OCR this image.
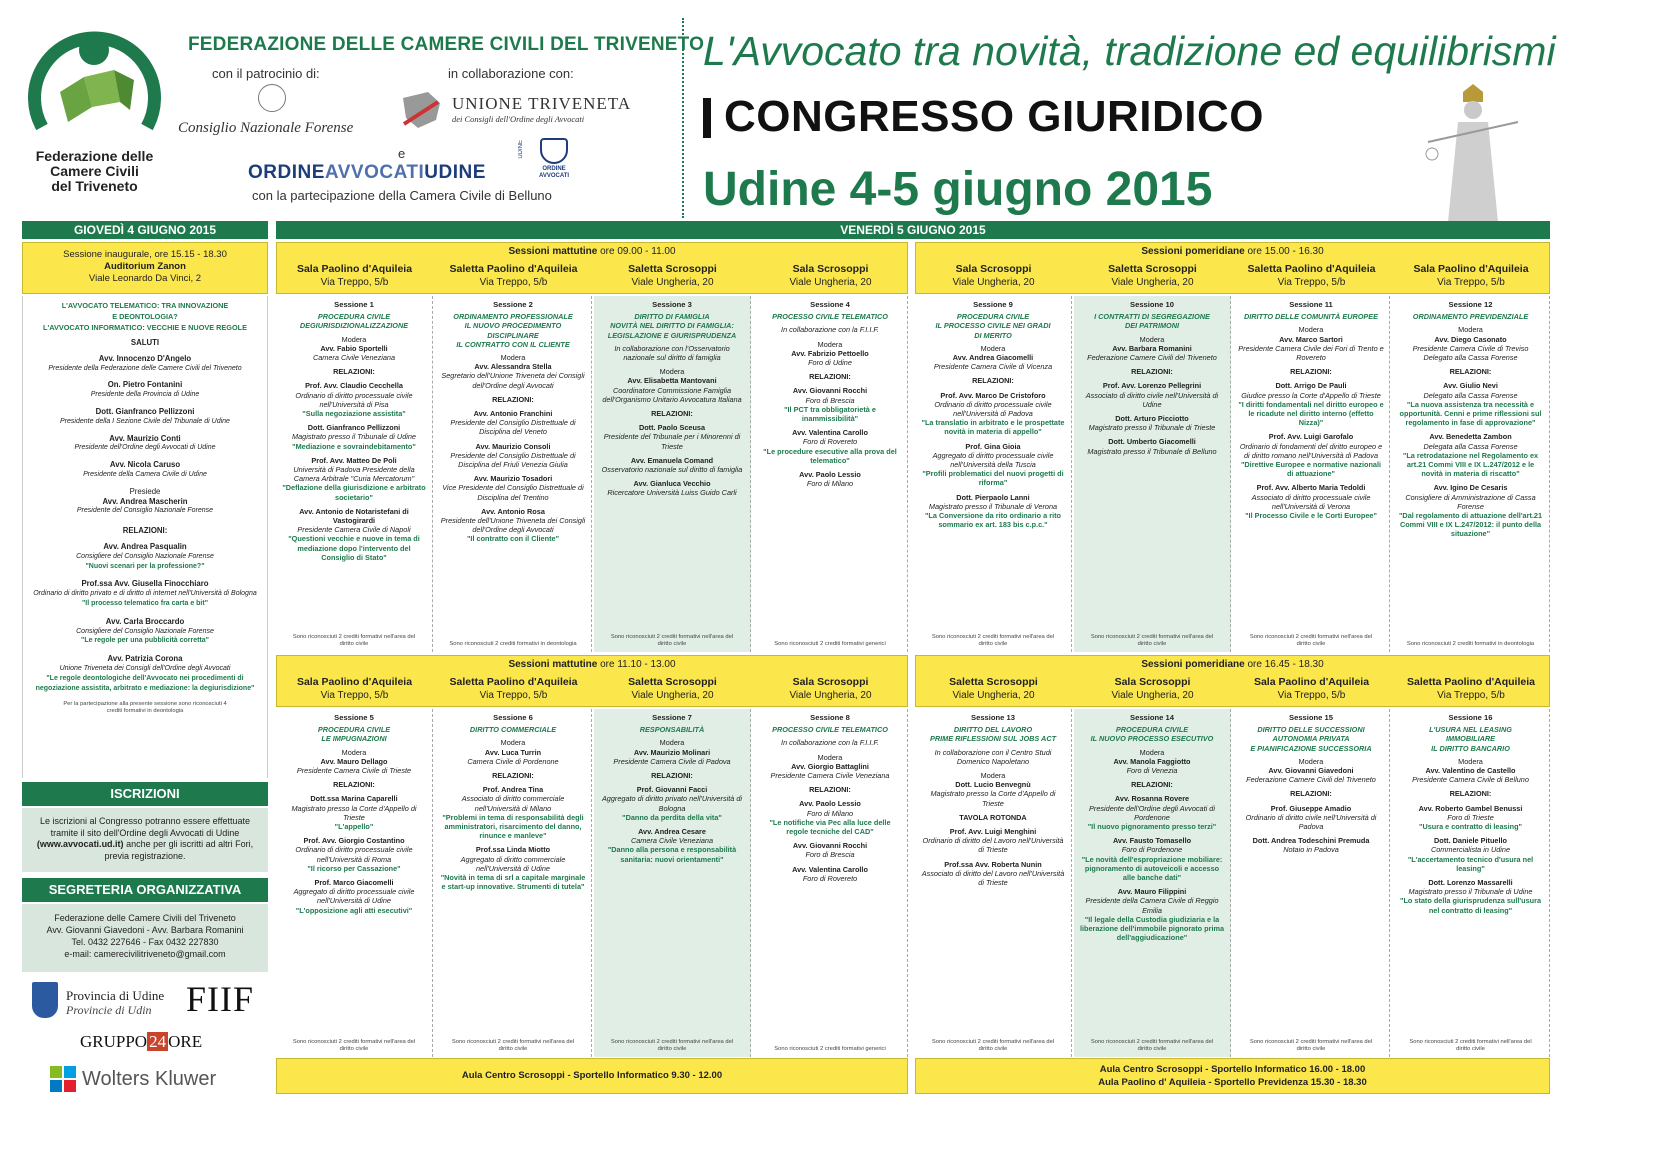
Federazione delle
Camere Civili
del Triveneto
FEDERAZIONE DELLE CAMERE CIVILI DEL TRIVENETO
con il patrocinio di:	in collaborazione con:
Consiglio Nazionale Forense
UNIONE TRIVENETA
dei Consigli dell'Ordine degli Avvocati
e
ORDINEAVVOCATIUDINE
UDINE
ORDINE AVVOCATI
con la partecipazione della Camera Civile di Belluno
L'Avvocato tra novità, tradizione ed equilibrismi
CONGRESSO GIURIDICO
Udine 4-5 giugno 2015
GIOVEDÌ 4 GIUGNO 2015
Sessione inaugurale, ore 15.15 - 18.30
Auditorium Zanon
Viale Leonardo Da Vinci, 2
L'AVVOCATO TELEMATICO: TRA INNOVAZIONE
E DEONTOLOGIA?
L'AVVOCATO INFORMATICO: VECCHIE E NUOVE REGOLE
SALUTI
Avv. Innocenzo D'Angelo
Presidente della Federazione delle Camere Civili del Triveneto
On. Pietro Fontanini
Presidente della Provincia di Udine
Dott. Gianfranco Pellizzoni
Presidente della I Sezione Civile del Tribunale di Udine
Avv. Maurizio Conti
Presidente dell'Ordine degli Avvocati di Udine
Avv. Nicola Caruso
Presidente della Camera Civile di Udine
Presiede
Avv. Andrea Mascherin
Presidente del Consiglio Nazionale Forense
RELAZIONI:
Avv. Andrea Pasqualin
Consigliere del Consiglio Nazionale Forense
"Nuovi scenari per la professione?"
Prof.ssa Avv. Giusella Finocchiaro
Ordinario di diritto privato e di diritto di internet nell'Università di Bologna
"Il processo telematico fra carta e bit"
Avv. Carla Broccardo
Consigliere del Consiglio Nazionale Forense
"Le regole per una pubblicità corretta"
Avv. Patrizia Corona
Unione Triveneta dei Consigli dell'Ordine degli Avvocati
"Le regole deontologiche dell'Avvocato nei procedimenti di negoziazione assistita, arbitrato e mediazione: la degiurisdizione"
Per la partecipazione alla presente sessione sono riconosciuti 4 crediti formativi in deontologia
ISCRIZIONI
Le iscrizioni al Congresso potranno essere effettuate tramite il sito dell'Ordine degli Avvocati di Udine (www.avvocati.ud.it) anche per gli iscritti ad altri Fori, previa registrazione.
SEGRETERIA ORGANIZZATIVA
Federazione delle Camere Civili del Triveneto
Avv. Giovanni Giavedoni - Avv. Barbara Romanini
Tel. 0432 227646 - Fax 0432 227830
e-mail: camerecivilitriveneto@gmail.com
Provincia di Udine
Provincie di Udin FIIF
GRUPPO 24 ORE
Wolters Kluwer
VENERDÌ 5 GIUGNO 2015
Sessioni mattutine ore 09.00 - 11.00	Sessioni pomeridiane ore 15.00 - 16.30
Sessioni mattutine ore 11.10 - 13.00	Sessioni pomeridiane ore 16.45 - 18.30
Sala Paolino d'Aquileia
Via Treppo, 5/b
Saletta Paolino d'Aquileia
Via Treppo, 5/b
Saletta Scrosoppi
Viale Ungheria, 20
Sala Scrosoppi
Viale Ungheria, 20
Sala Scrosoppi
Viale Ungheria, 20
Saletta Scrosoppi
Viale Ungheria, 20
Saletta Paolino d'Aquileia
Via Treppo, 5/b
Sala Paolino d'Aquileia
Via Treppo, 5/b
Sala Paolino d'Aquileia
Via Treppo, 5/b
Saletta Paolino d'Aquileia
Via Treppo, 5/b
Saletta Scrosoppi
Viale Ungheria, 20
Sala Scrosoppi
Viale Ungheria, 20
Saletta Scrosoppi
Viale Ungheria, 20
Sala Scrosoppi
Viale Ungheria, 20
Sala Paolino d'Aquileia
Via Treppo, 5/b
Saletta Paolino d'Aquileia
Via Treppo, 5/b
Sessione 1
PROCEDURA CIVILE
DEGIURISDIZIONALIZZAZIONE
Modera
Avv. Fabio Sportelli

Camera Civile Veneziana

RELAZIONI:

Prof. Avv. Claudio Cecchella
Ordinario di diritto processuale civile nell'Università di Pisa
"Sulla negoziazione assistita"

Dott. Gianfranco Pellizzoni
Magistrato presso il Tribunale di Udine
"Mediazione e sovraindebitamento"

Prof. Avv. Matteo De Poli
Università di Padova Presidente della Camera Arbitrale "Curia Mercatorum"
"Deflazione della giurisdizione e arbitrato societario"

Avv. Antonio de Notaristefani di Vastogirardi
Presidente Camera Civile di Napoli
"Questioni vecchie e nuove in tema di mediazione dopo l'intervento del Consiglio di Stato"

Sono riconosciuti 2 crediti formativi nell'area del diritto civile
Sessione 2
ORDINAMENTO PROFESSIONALE
IL NUOVO PROCEDIMENTO
DISCIPLINARE
IL CONTRATTO CON IL CLIENTE
Modera
Avv. Alessandra Stella

Segretario dell'Unione Triveneta dei Consigli dell'Ordine degli Avvocati

RELAZIONI:

Avv. Antonio Franchini
Presidente del Consiglio Distrettuale di Disciplina del Veneto

Avv. Maurizio Consoli
Presidente del Consiglio Distrettuale di Disciplina del Friuli Venezia Giulia

Avv. Maurizio Tosadori
Vice Presidente del Consiglio Distrettuale di Disciplina del Trentino

Avv. Antonio Rosa
Presidente dell'Unione Triveneta dei Consigli dell'Ordine degli Avvocati
"Il contratto con il Cliente"

Sono riconosciuti 2 crediti formativi in deontologia
Sessione 3
DIRITTO DI FAMIGLIA
NOVITÀ NEL DIRITTO DI FAMIGLIA:
LEGISLAZIONE E GIURISPRUDENZA

In collaborazione con l'Osservatorio nazionale sul diritto di famiglia

Modera
Avv. Elisabetta Mantovani

Coordinatore Commissione Famiglia dell'Organismo Unitario Avvocatura Italiana

RELAZIONI:

Dott. Paolo Sceusa
Presidente del Tribunale per i Minorenni di Trieste

Avv. Emanuela Comand
Osservatorio nazionale sul diritto di famiglia

Avv. Gianluca Vecchio
Ricercatore Università Luiss Guido Carli

Sono riconosciuti 2 crediti formativi nell'area del diritto civile
Sessione 4
PROCESSO CIVILE TELEMATICO

In collaborazione con la F.I.I.F.

Modera
Avv. Fabrizio Pettoello

Foro di Udine

RELAZIONI:

Avv. Giovanni Rocchi
Foro di Brescia
"Il PCT tra obbligatorietà e inammissibilità"

Avv. Valentina Carollo
Foro di Rovereto
"Le procedure esecutive alla prova del telematico"

Avv. Paolo Lessio
Foro di Milano

Sono riconosciuti 2 crediti formativi generici
Sessione 9
PROCEDURA CIVILE
IL PROCESSO CIVILE NEI GRADI
DI MERITO
Modera
Avv. Andrea Giacomelli

Presidente Camera Civile di Vicenza

RELAZIONI:

Prof. Avv. Marco De Cristoforo
Ordinario di diritto processuale civile nell'Università di Padova
"La translatio in arbitrato e le prospettate novità in materia di appello"

Prof. Gina Gioia
Aggregato di diritto processuale civile nell'Università della Tuscia
"Profili problematici del nuovi progetti di riforma"

Dott. Pierpaolo Lanni
Magistrato presso il Tribunale di Verona
"La Conversione da rito ordinario a rito sommario ex art. 183 bis c.p.c."

Sono riconosciuti 2 crediti formativi nell'area del diritto civile
Sessione 10
I CONTRATTI DI SEGREGAZIONE
DEI PATRIMONI
Modera
Avv. Barbara Romanini

Federazione Camere Civili del Triveneto

RELAZIONI:

Prof. Avv. Lorenzo Pellegrini
Associato di diritto civile nell'Università di Udine

Dott. Arturo Picciotto
Magistrato presso il Tribunale di Trieste

Dott. Umberto Giacomelli
Magistrato presso il Tribunale di Belluno

Sono riconosciuti 2 crediti formativi nell'area del diritto civile
Sessione 11
DIRITTO DELLE COMUNITÀ EUROPEE
Modera
Avv. Marco Sartori

Presidente Camera Civile dei Fori di Trento e Rovereto

RELAZIONI:

Dott. Arrigo De Pauli
Giudice presso la Corte d'Appello di Trieste
"I diritti fondamentali nel diritto europeo e le ricadute nel diritto interno (effetto Nizza)"

Prof. Avv. Luigi Garofalo
Ordinario di fondamenti del diritto europeo e di diritto romano nell'Università di Padova
"Direttive Europee e normative nazionali di attuazione"

Prof. Avv. Alberto Maria Tedoldi
Associato di diritto processuale civile nell'Università di Verona
"Il Processo Civile e le Corti Europee"

Sono riconosciuti 2 crediti formativi nell'area del diritto civile
Sessione 12
ORDINAMENTO PREVIDENZIALE
Modera
Avv. Diego Casonato

Presidente Camera Civile di Treviso Delegato alla Cassa Forense

RELAZIONI:

Avv. Giulio Nevi
Delegato alla Cassa Forense
"La nuova assistenza tra necessità e opportunità. Cenni e prime riflessioni sul regolamento in fase di approvazione"

Avv. Benedetta Zambon
Delegata alla Cassa Forense
"La retrodatazione nel Regolamento ex art.21 Commi VIII e IX L.247/2012 e le novità in materia di riscatto"

Avv. Igino De Cesaris
Consigliere di Amministrazione di Cassa Forense
"Dal regolamento di attuazione dell'art.21 Commi VIII e IX L.247/2012: il punto della situazione"

Sono riconosciuti 2 crediti formativi in deontologia
Sessione 5
PROCEDURA CIVILE
LE IMPUGNAZIONI
Modera
Avv. Mauro Dellago

Presidente Camera Civile di Trieste

RELAZIONI:

Dott.ssa Marina Caparelli
Magistrato presso la Corte d'Appello di Trieste
"L'appello"

Prof. Avv. Giorgio Costantino
Ordinario di diritto processuale civile nell'Università di Roma
"Il ricorso per Cassazione"

Prof. Marco Giacomelli
Aggregato di diritto processuale civile nell'Università di Udine
"L'opposizione agli atti esecutivi"

Sono riconosciuti 2 crediti formativi nell'area del diritto civile
Sessione 6
DIRITTO COMMERCIALE
Modera
Avv. Luca Turrin

Camera Civile di Pordenone

RELAZIONI:

Prof. Andrea Tina
Associato di diritto commerciale nell'Università di Milano
"Problemi in tema di responsabilità degli amministratori, risarcimento del danno, rinunce e manleve"

Prof.ssa Linda Miotto
Aggregato di diritto commerciale nell'Università di Udine
"Novità in tema di srl a capitale marginale e start-up innovative. Strumenti di tutela"

Sono riconosciuti 2 crediti formativi nell'area del diritto civile
Sessione 7
RESPONSABILITÀ
Modera
Avv. Maurizio Molinari

Presidente Camera Civile di Padova

RELAZIONI:

Prof. Giovanni Facci
Aggregato di diritto privato nell'Università di Bologna
"Danno da perdita della vita"

Avv. Andrea Cesare
Camera Civile Veneziana
"Danno alla persona e responsabilità sanitaria: nuovi orientamenti"

Sono riconosciuti 2 crediti formativi nell'area del diritto civile
Sessione 8
PROCESSO CIVILE TELEMATICO

In collaborazione con la F.I.I.F.

Modera
Avv. Giorgio Battaglini

Presidente Camera Civile Veneziana

RELAZIONI:

Avv. Paolo Lessio
Foro di Milano
"Le notifiche via Pec alla luce delle regole tecniche del CAD"

Avv. Giovanni Rocchi
Foro di Brescia

Avv. Valentina Carollo
Foro di Rovereto

Sono riconosciuti 2 crediti formativi generici
Sessione 13
DIRITTO DEL LAVORO
PRIME RIFLESSIONI SUL JOBS ACT

In collaborazione con il Centro Studi Domenico Napoletano

Modera
Dott. Lucio Benvegnù

Magistrato presso la Corte d'Appello di Trieste

TAVOLA ROTONDA

Prof. Avv. Luigi Menghini
Ordinario di diritto del Lavoro nell'Università di Trieste

Prof.ssa Avv. Roberta Nunin
Associato di diritto del Lavoro nell'Università di Trieste

Sono riconosciuti 2 crediti formativi nell'area del diritto civile
Sessione 14
PROCEDURA CIVILE
IL NUOVO PROCESSO ESECUTIVO
Modera
Avv. Manola Faggiotto

Foro di Venezia

RELAZIONI:

Avv. Rosanna Rovere
Presidente dell'Ordine degli Avvocati di Pordenone
"Il nuovo pignoramento presso terzi"

Avv. Fausto Tomasello
Foro di Pordenone
"Le novità dell'espropriazione mobiliare: pignoramento di autoveicoli e accesso alle banche dati"

Avv. Mauro Filippini
Presidente della Camera Civile di Reggio Emilia
"Il legale della Custodia giudiziaria e la liberazione dell'immobile pignorato prima dell'aggiudicazione"

Sono riconosciuti 2 crediti formativi nell'area del diritto civile
Sessione 15
DIRITTO DELLE SUCCESSIONI
AUTONOMIA PRIVATA
E PIANIFICAZIONE SUCCESSORIA
Modera
Avv. Giovanni Giavedoni

Federazione Camere Civili del Triveneto

RELAZIONI:

Prof. Giuseppe Amadio
Ordinario di diritto civile nell'Università di Padova

Dott. Andrea Todeschini Premuda
Notaio in Padova

Sono riconosciuti 2 crediti formativi nell'area del diritto civile
Sessione 16
L'USURA NEL LEASING
IMMOBILIARE
IL DIRITTO BANCARIO
Modera
Avv. Valentino de Castello

Presidente Camera Civile di Belluno

RELAZIONI:

Avv. Roberto Gambel Benussi
Foro di Trieste
"Usura e contratto di leasing"

Dott. Daniele Pituello
Commercialista in Udine
"L'accertamento tecnico d'usura nel leasing"

Dott. Lorenzo Massarelli
Magistrato presso il Tribunale di Udine
"Lo stato della giurisprudenza sull'usura nel contratto di leasing"

Sono riconosciuti 2 crediti formativi nell'area del diritto civile
Aula Centro Scrosoppi - Sportello Informatico 9.30 - 12.00
Aula Centro Scrosoppi - Sportello Informatico 16.00 - 18.00
Aula Paolino d' Aquileia - Sportello Previdenza 15.30 - 18.30
